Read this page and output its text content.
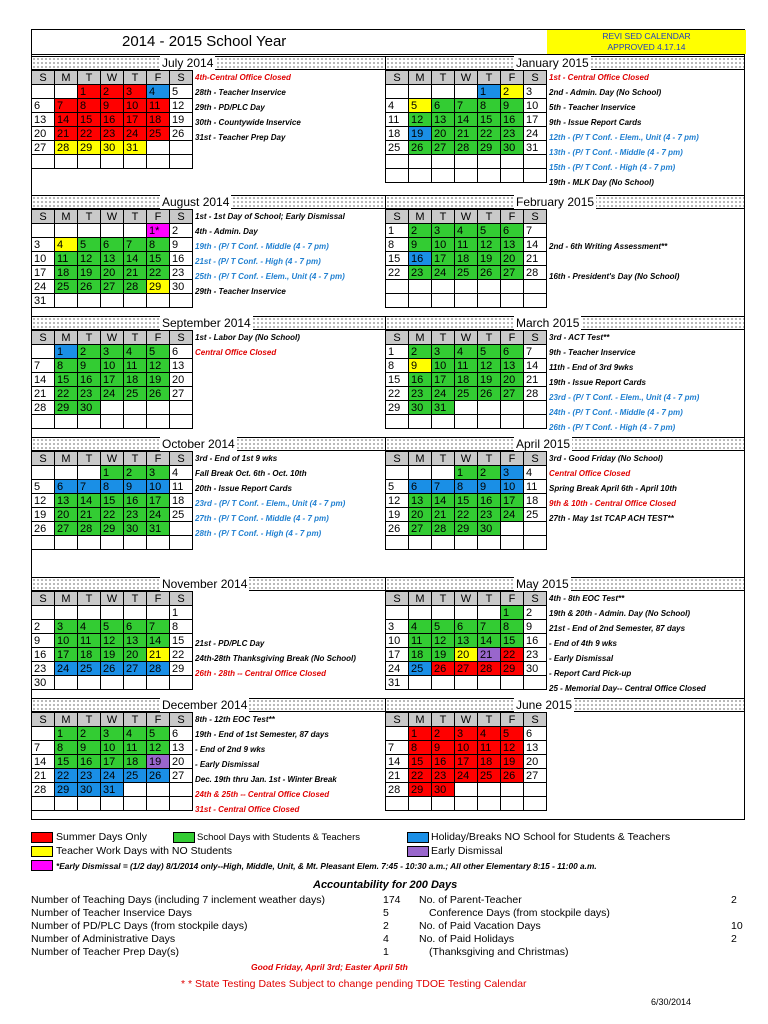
2014 - 2015 School Year	REVI SED CALENDAR
APPROVED 4.17.14
July 2014
S	M	T	W	T	F	S
		1	2	3	4	5
6	7	8	9	10	11	12
13	14	15	16	17	18	19
20	21	22	23	24	25	26
27	28	29	30	31		

4th-Central Office Closed
28th - Teacher Inservice
29th - PD/PLC Day
30th - Countywide Inservice
31st - Teacher Prep Day
January 2015
S	M	T	W	T	F	S
				1	2	3
4	5	6	7	8	9	10
11	12	13	14	15	16	17
18	19	20	21	22	23	24
25	26	27	28	29	30	31

1st - Central Office Closed
2nd - Admin. Day (No School)
5th - Teacher Inservice
9th - Issue Report Cards
12th - (P/ T Conf. - Elem., Unit (4 - 7 pm)
13th - (P/ T Conf. - Middle (4 - 7 pm)
15th - (P/ T Conf. - High (4 - 7 pm)
19th - MLK Day (No School)
August 2014
S	M	T	W	T	F	S
					1*	2
3	4	5	6	7	8	9
10	11	12	13	14	15	16
17	18	19	20	21	22	23
24	25	26	27	28	29	30
31						
1st - 1st Day of School; Early Dismissal
4th - Admin. Day
19th - (P/ T Conf. - Middle (4 - 7 pm)
21st - (P/ T Conf. - High (4 - 7 pm)
25th - (P/ T Conf. - Elem., Unit (4 - 7 pm)
29th - Teacher Inservice
February 2015
S	M	T	W	T	F	S
1	2	3	4	5	6	7
8	9	10	11	12	13	14
15	16	17	18	19	20	21
22	23	24	25	26	27	28

2nd - 6th Writing Assessment**
16th - President's Day (No School)
September 2014
S	M	T	W	T	F	S
	1	2	3	4	5	6
7	8	9	10	11	12	13
14	15	16	17	18	19	20
21	22	23	24	25	26	27
28	29	30				

1st - Labor Day (No School)
Central Office Closed
March 2015
S	M	T	W	T	F	S
1	2	3	4	5	6	7
8	9	10	11	12	13	14
15	16	17	18	19	20	21
22	23	24	25	26	27	28
29	30	31				

3rd - ACT Test**
9th - Teacher Inservice
11th - End of 3rd 9wks
19th - Issue Report Cards
23rd - (P/ T Conf. - Elem., Unit (4 - 7 pm)
24th - (P/ T Conf. - Middle (4 - 7 pm)
26th - (P/ T Conf. - High (4 - 7 pm)
October 2014
S	M	T	W	T	F	S
			1	2	3	4
5	6	7	8	9	10	11
12	13	14	15	16	17	18
19	20	21	22	23	24	25
26	27	28	29	30	31	

3rd - End of 1st 9 wks
Fall Break Oct. 6th - Oct. 10th
20th - Issue Report Cards
23rd - (P/ T Conf. - Elem., Unit (4 - 7 pm)
27th - (P/ T Conf. - Middle (4 - 7 pm)
28th - (P/ T Conf. - High (4 - 7 pm)
April 2015
S	M	T	W	T	F	S
			1	2	3	4
5	6	7	8	9	10	11
12	13	14	15	16	17	18
19	20	21	22	23	24	25
26	27	28	29	30		

3rd - Good Friday (No School)
Central Office Closed
Spring Break April 6th - April 10th
9th & 10th - Central Office Closed
27th - May 1st TCAP ACH TEST**
November 2014
S	M	T	W	T	F	S
						1
2	3	4	5	6	7	8
9	10	11	12	13	14	15
16	17	18	19	20	21	22
23	24	25	26	27	28	29
30						
21st - PD/PLC Day
24th-28th Thanksgiving Break (No School)
26th - 28th -- Central Office Closed
May 2015
S	M	T	W	T	F	S
					1	2
3	4	5	6	7	8	9
10	11	12	13	14	15	16
17	18	19	20	21	22	23
24	25	26	27	28	29	30
31						
4th - 8th EOC Test**
19th & 20th - Admin. Day (No School)
21st - End of 2nd Semester, 87 days
- End of 4th 9 wks
- Early Dismissal
- Report Card Pick-up
25 - Memorial Day-- Central Office Closed
December 2014
S	M	T	W	T	F	S
	1	2	3	4	5	6
7	8	9	10	11	12	13
14	15	16	17	18	19	20
21	22	23	24	25	26	27
28	29	30	31			

8th - 12th EOC Test**
19th - End of 1st Semester, 87 days
- End of 2nd 9 wks
- Early Dismissal
Dec. 19th thru Jan. 1st - Winter Break
24th & 25th -- Central Office Closed
31st - Central Office Closed
June 2015
S	M	T	W	T	F	S
	1	2	3	4	5	6
7	8	9	10	11	12	13
14	15	16	17	18	19	20
21	22	23	24	25	26	27
28	29	30				

Summer Days Only	School Days with Students & Teachers	Holiday/Breaks NO School for Students & Teachers
Teacher Work Days with NO Students	Early Dismissal
*Early Dismissal = (1/2 day) 8/1/2014 only--High, Middle, Unit, & Mt. Pleasant Elem. 7:45 - 10:30 a.m.; All other Elementary 8:15 - 11:00 a.m.
Accountability for 200 Days
Number of Teaching Days (including 7 inclement weather days)	174
Number of Teacher Inservice Days	5
Number of PD/PLC Days (from stockpile days)	2
Number of Administrative Days	4
Number of Teacher Prep Day(s)	1
No. of Parent-Teacher	2
Conference Days (from stockpile days)
No. of Paid Vacation Days	10
No. of Paid Holidays	2
(Thanksgiving and Christmas)
Good Friday, April 3rd; Easter April 5th
* * State Testing Dates Subject to change pending TDOE Testing Calendar
6/30/2014
